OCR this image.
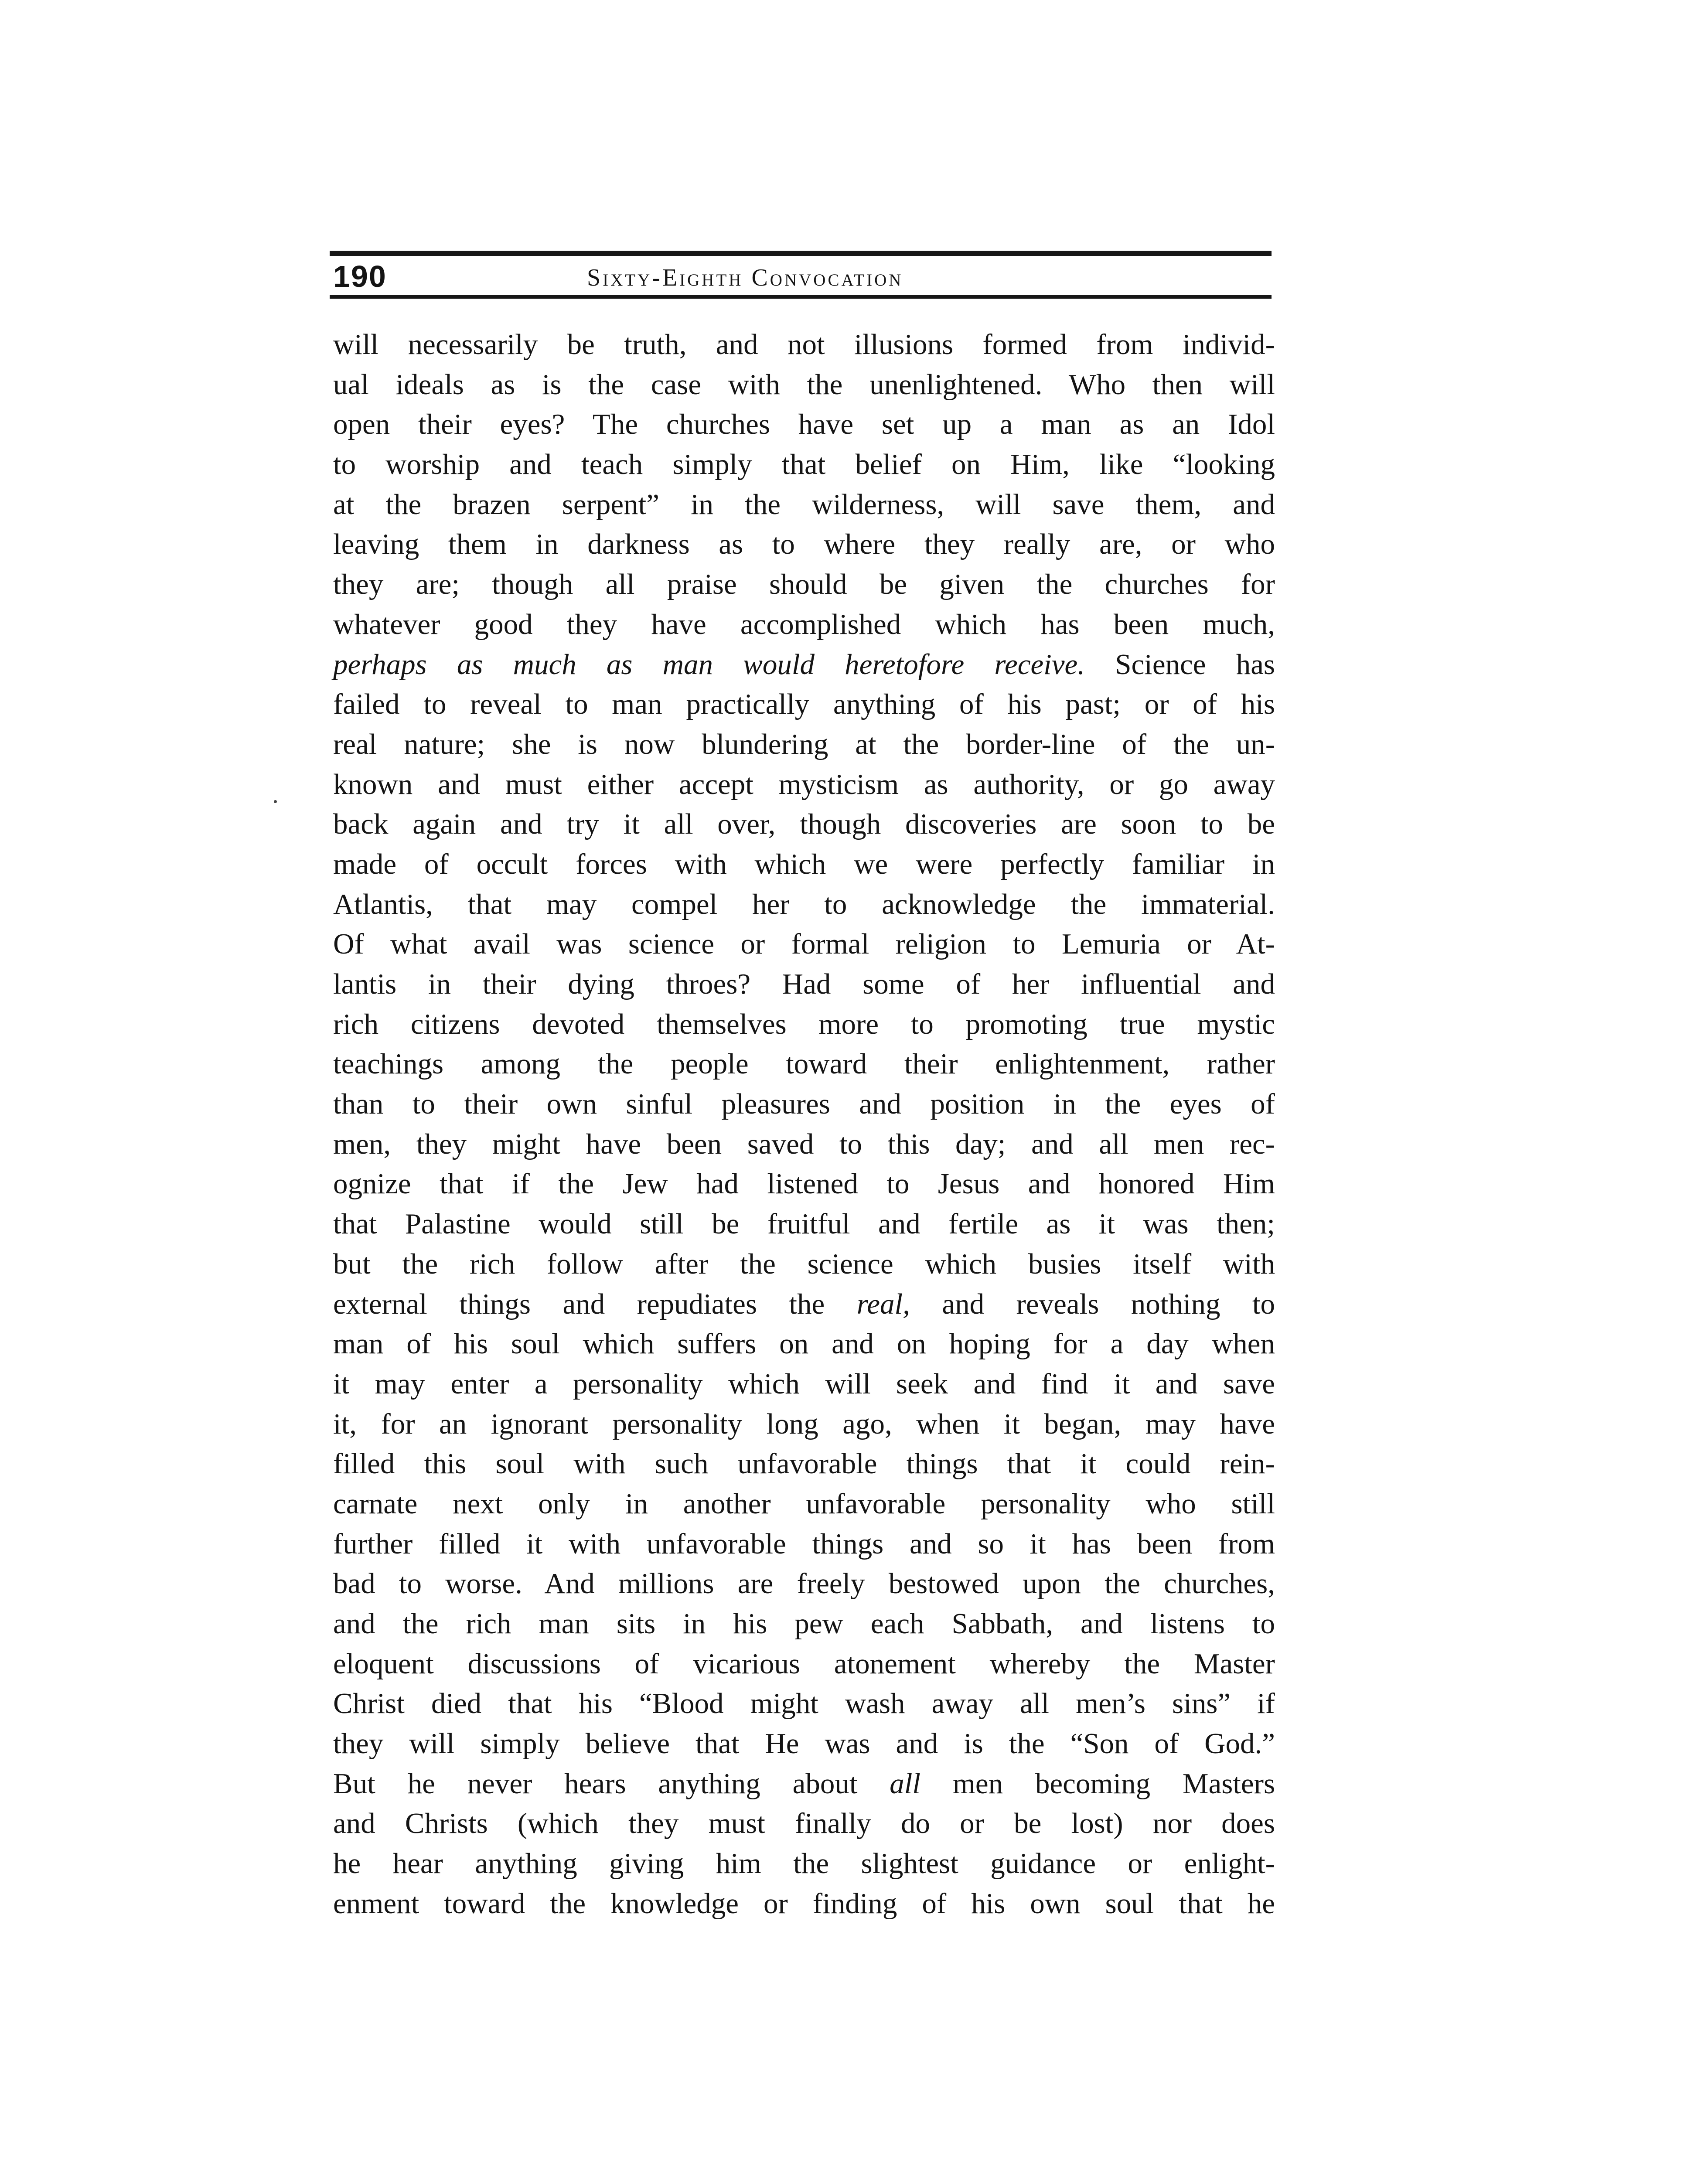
190	Sixty-Eighth Convocation
will necessarily be truth, and not illusions formed from individ-
ual ideals as is the case with the unenlightened. Who then will
open their eyes? The churches have set up a man as an Idol
to worship and teach simply that belief on Him, like “looking
at the brazen serpent” in the wilderness, will save them, and
leaving them in darkness as to where they really are, or who
they are; though all praise should be given the churches for
whatever good they have accomplished which has been much,
perhaps as much as man would heretofore receive. Science has
failed to reveal to man practically anything of his past; or of his
real nature; she is now blundering at the border-line of the un-
known and must either accept mysticism as authority, or go away
back again and try it all over, though discoveries are soon to be
made of occult forces with which we were perfectly familiar in
Atlantis, that may compel her to acknowledge the immaterial.
Of what avail was science or formal religion to Lemuria or At-
lantis in their dying throes? Had some of her influential and
rich citizens devoted themselves more to promoting true mystic
teachings among the people toward their enlightenment, rather
than to their own sinful pleasures and position in the eyes of
men, they might have been saved to this day; and all men rec-
ognize that if the Jew had listened to Jesus and honored Him
that Palastine would still be fruitful and fertile as it was then;
but the rich follow after the science which busies itself with
external things and repudiates the real, and reveals nothing to
man of his soul which suffers on and on hoping for a day when
it may enter a personality which will seek and find it and save
it, for an ignorant personality long ago, when it began, may have
filled this soul with such unfavorable things that it could rein-
carnate next only in another unfavorable personality who still
further filled it with unfavorable things and so it has been from
bad to worse. And millions are freely bestowed upon the churches,
and the rich man sits in his pew each Sabbath, and listens to
eloquent discussions of vicarious atonement whereby the Master
Christ died that his “Blood might wash away all men’s sins” if
they will simply believe that He was and is the “Son of God.”
But he never hears anything about all men becoming Masters
and Christs (which they must finally do or be lost) nor does
he hear anything giving him the slightest guidance or enlight-
enment toward the knowledge or finding of his own soul that he
